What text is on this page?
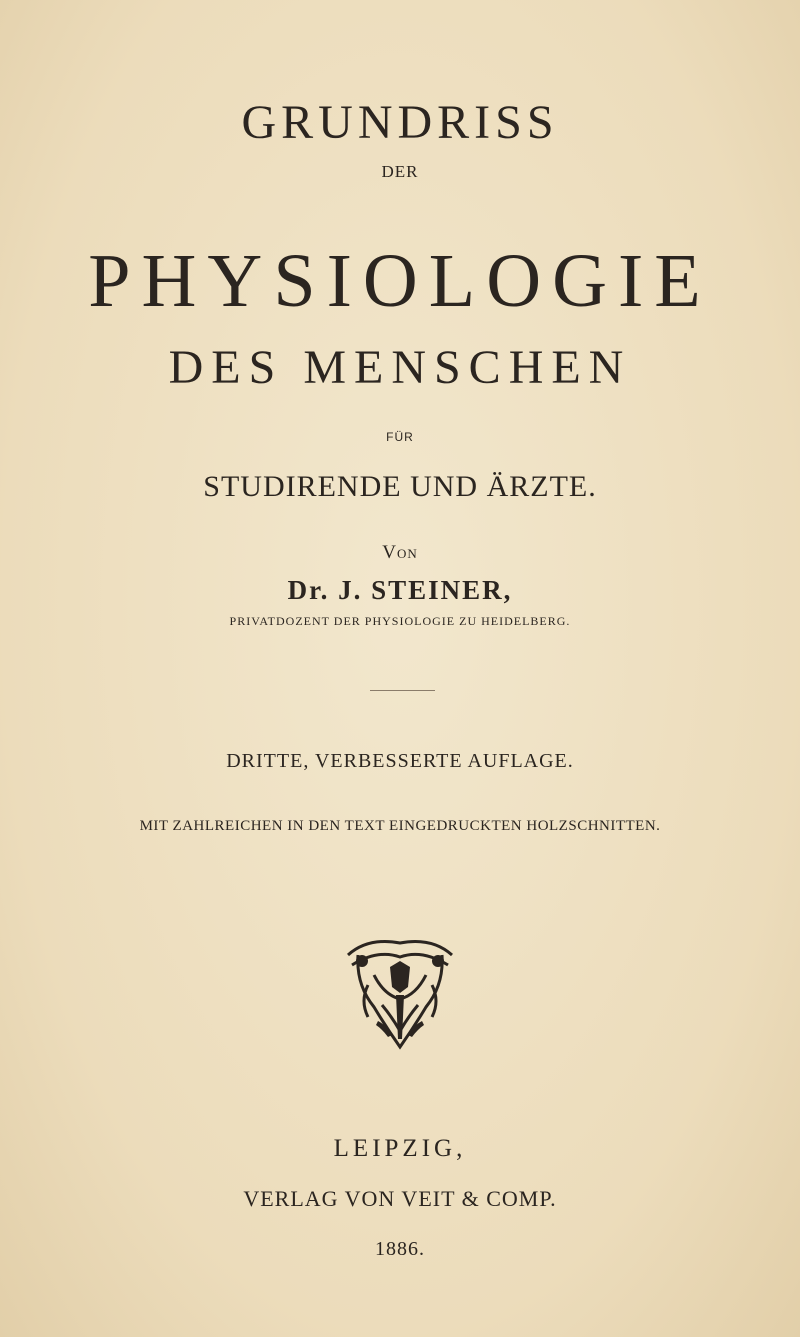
GRUNDRISS
DER
PHYSIOLOGIE
DES MENSCHEN
FÜR
STUDIRENDE UND ÄRZTE.
Von
Dr. J. STEINER,
PRIVATDOZENT DER PHYSIOLOGIE ZU HEIDELBERG.
DRITTE, VERBESSERTE AUFLAGE.
MIT ZAHLREICHEN IN DEN TEXT EINGEDRUCKTEN HOLZSCHNITTEN.
LEIPZIG,
VERLAG VON VEIT & COMP.
1886.
